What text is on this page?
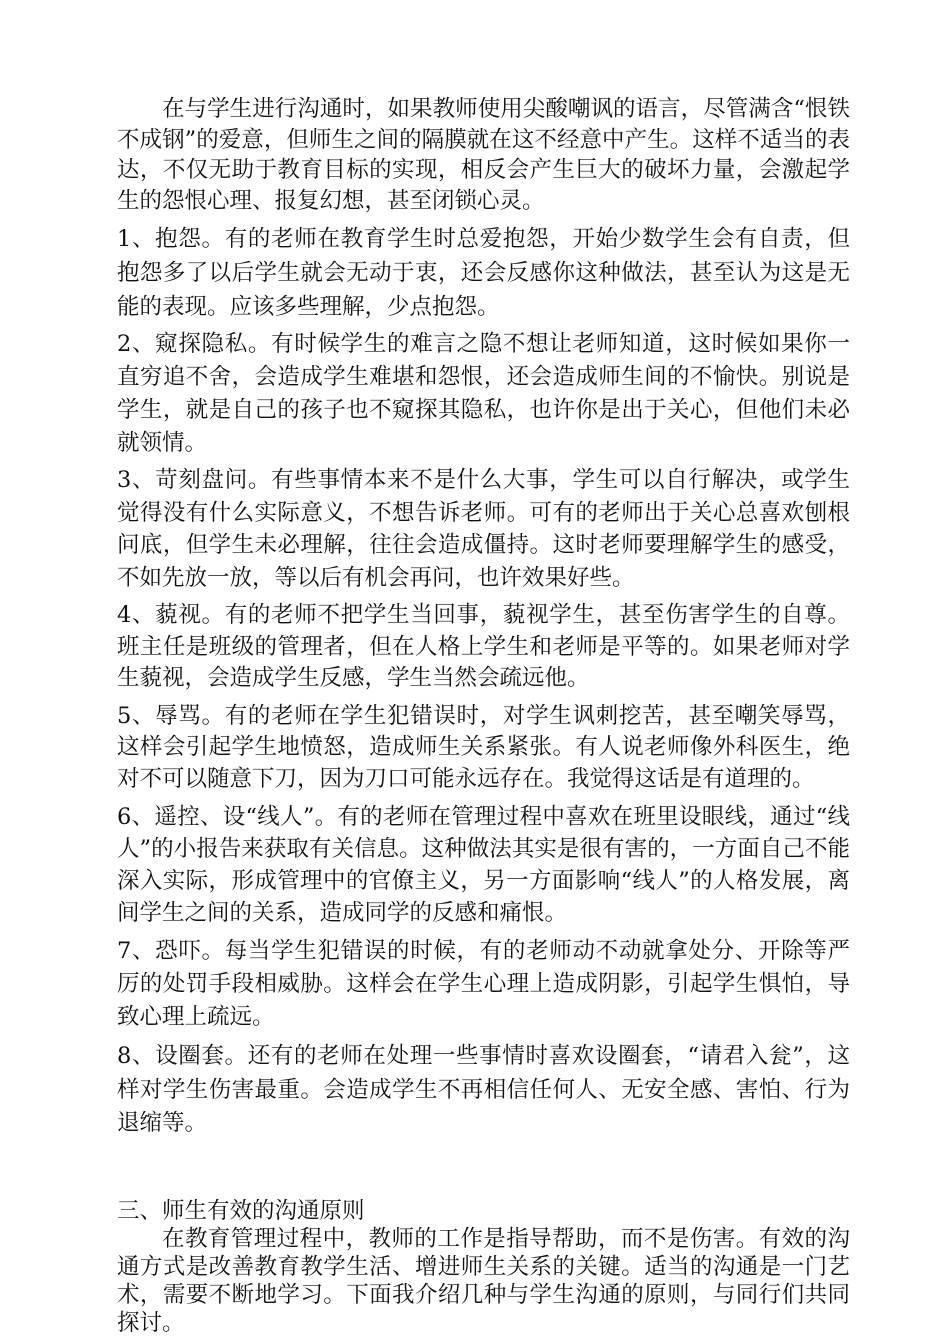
在与学生进行沟通时，如果教师使用尖酸嘲讽的语言，尽管满含“恨铁不成钢”的爱意，但师生之间的隔膜就在这不经意中产生。这样不适当的表达，不仅无助于教育目标的实现，相反会产生巨大的破坏力量，会激起学生的怨恨心理、报复幻想，甚至闭锁心灵。

1、抱怨。有的老师在教育学生时总爱抱怨，开始少数学生会有自责，但抱怨多了以后学生就会无动于衷，还会反感你这种做法，甚至认为这是无能的表现。应该多些理解，少点抱怨。

2、窥探隐私。有时候学生的难言之隐不想让老师知道，这时候如果你一直穷追不舍，会造成学生难堪和怨恨，还会造成师生间的不愉快。别说是学生，就是自己的孩子也不窥探其隐私，也许你是出于关心，但他们未必就领情。

3、苛刻盘问。有些事情本来不是什么大事，学生可以自行解决，或学生觉得没有什么实际意义，不想告诉老师。可有的老师出于关心总喜欢刨根问底，但学生未必理解，往往会造成僵持。这时老师要理解学生的感受，不如先放一放，等以后有机会再问，也许效果好些。

4、藐视。有的老师不把学生当回事，藐视学生，甚至伤害学生的自尊。班主任是班级的管理者，但在人格上学生和老师是平等的。如果老师对学生藐视，会造成学生反感，学生当然会疏远他。

5、辱骂。有的老师在学生犯错误时，对学生讽刺挖苦，甚至嘲笑辱骂，这样会引起学生地愤怒，造成师生关系紧张。有人说老师像外科医生，绝对不可以随意下刀，因为刀口可能永远存在。我觉得这话是有道理的。

6、遥控、设“线人”。有的老师在管理过程中喜欢在班里设眼线，通过“线人”的小报告来获取有关信息。这种做法其实是很有害的，一方面自己不能深入实际，形成管理中的官僚主义，另一方面影响“线人”的人格发展，离间学生之间的关系，造成同学的反感和痛恨。

7、恐吓。每当学生犯错误的时候，有的老师动不动就拿处分、开除等严厉的处罚手段相威胁。这样会在学生心理上造成阴影，引起学生惧怕，导致心理上疏远。

8、设圈套。还有的老师在处理一些事情时喜欢设圈套，“请君入瓮”，这样对学生伤害最重。会造成学生不再相信任何人、无安全感、害怕、行为退缩等。

三、师生有效的沟通原则

在教育管理过程中，教师的工作是指导帮助，而不是伤害。有效的沟通方式是改善教育教学生活、增进师生关系的关键。适当的沟通是一门艺术，需要不断地学习。下面我介绍几种与学生沟通的原则，与同行们共同探讨。
